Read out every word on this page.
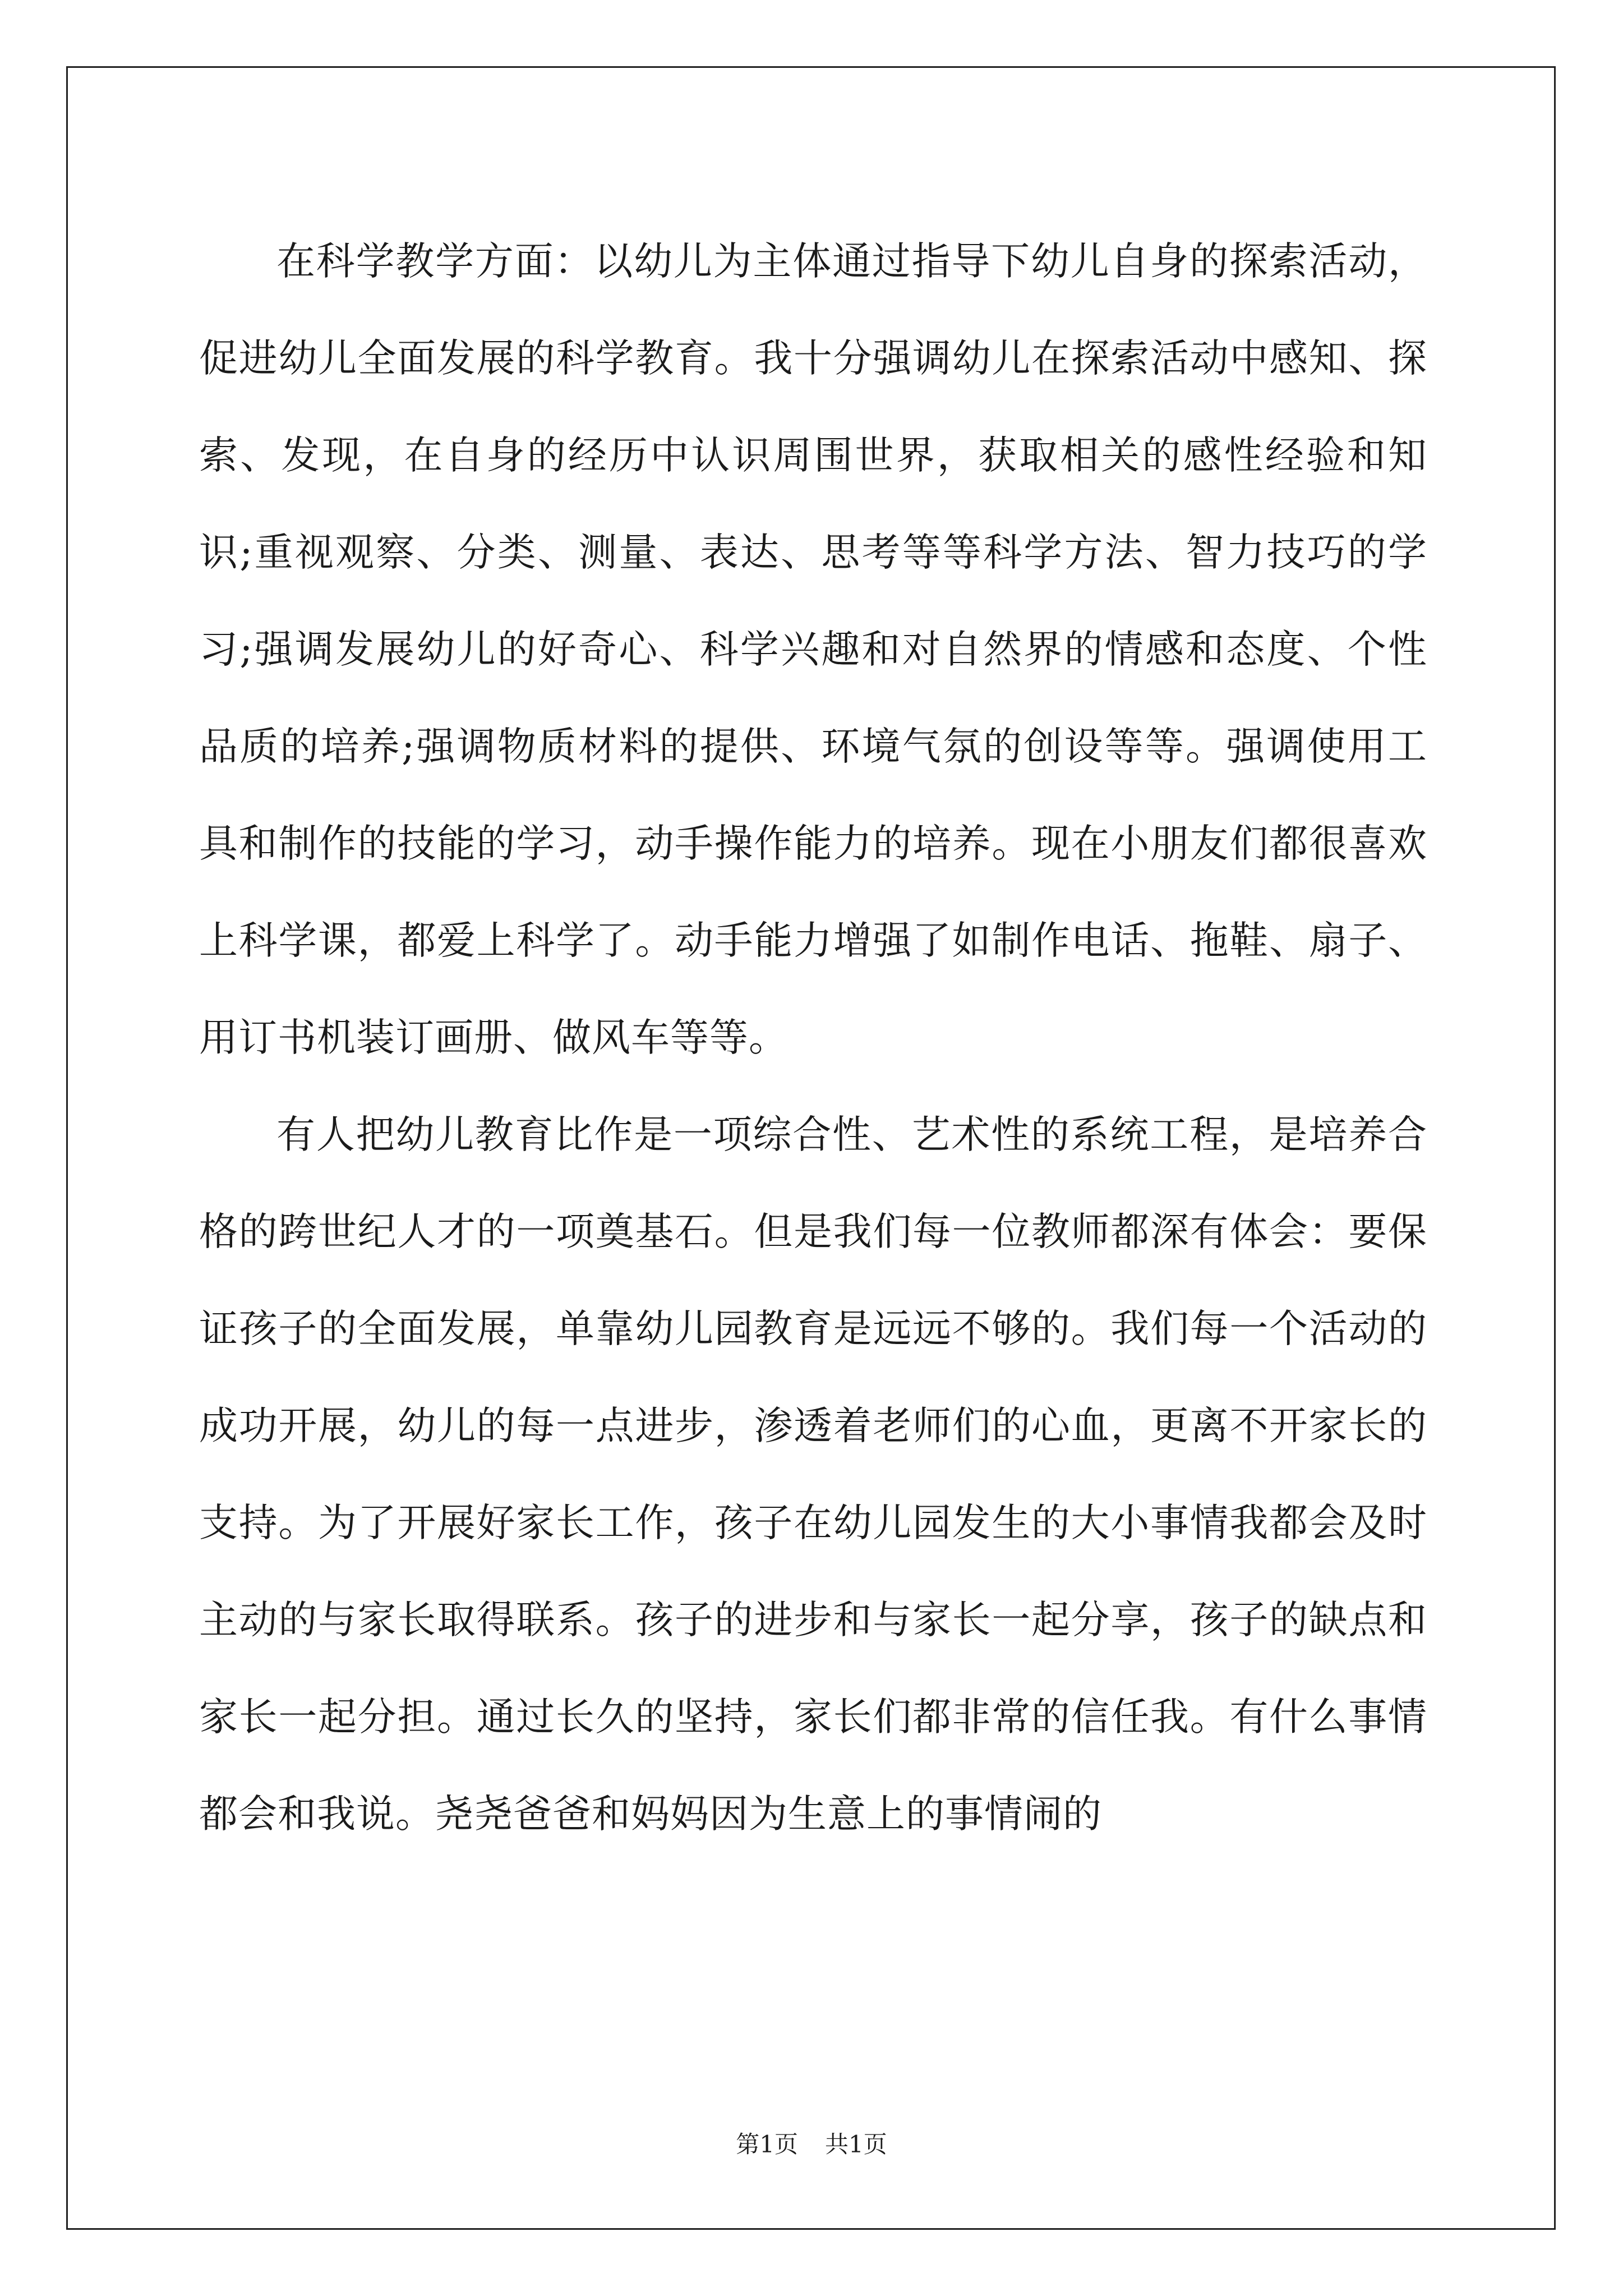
在科学教学方面：以幼儿为主体通过指导下幼儿自身的探索活动，促进幼儿全面发展的科学教育。我十分强调幼儿在探索活动中感知、探索、发现，在自身的经历中认识周围世界，获取相关的感性经验和知识;重视观察、分类、测量、表达、思考等等科学方法、智力技巧的学习;强调发展幼儿的好奇心、科学兴趣和对自然界的情感和态度、个性品质的培养;强调物质材料的提供、环境气氛的创设等等。强调使用工具和制作的技能的学习，动手操作能力的培养。现在小朋友们都很喜欢上科学课，都爱上科学了。动手能力增强了如制作电话、拖鞋、扇子、用订书机装订画册、做风车等等。

有人把幼儿教育比作是一项综合性、艺术性的系统工程，是培养合格的跨世纪人才的一项奠基石。但是我们每一位教师都深有体会：要保证孩子的全面发展，单靠幼儿园教育是远远不够的。我们每一个活动的成功开展，幼儿的每一点进步，渗透着老师们的心血，更离不开家长的支持。为了开展好家长工作，孩子在幼儿园发生的大小事情我都会及时主动的与家长取得联系。孩子的进步和与家长一起分享，孩子的缺点和家长一起分担。通过长久的坚持，家长们都非常的信任我。有什么事情都会和我说。尧尧爸爸和妈妈因为生意上的事情闹的

第1页 共1页
